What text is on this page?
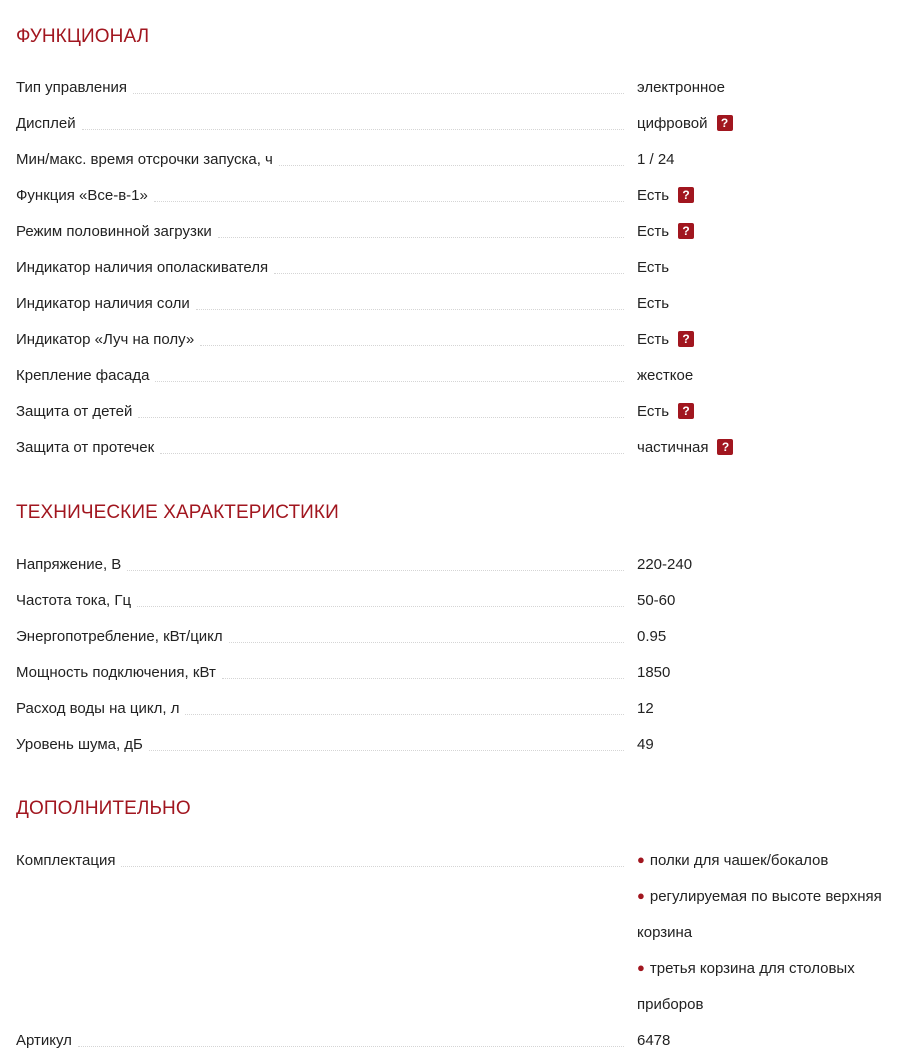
ФУНКЦИОНАЛ
Тип управления	электронное
Дисплей	цифровой	?
Мин/макс. время отсрочки запуска, ч	1 / 24
Функция «Все-в-1»	Есть	?
Режим половинной загрузки	Есть	?
Индикатор наличия ополаскивателя	Есть
Индикатор наличия соли	Есть
Индикатор «Луч на полу»	Есть	?
Крепление фасада	жесткое
Защита от детей	Есть	?
Защита от протечек	частичная	?
ТЕХНИЧЕСКИЕ ХАРАКТЕРИСТИКИ
Напряжение, В	220-240
Частота тока, Гц	50-60
Энергопотребление, кВт/цикл	0.95
Мощность подключения, кВт	1850
Расход воды на цикл, л	12
Уровень шума, дБ	49
ДОПОЛНИТЕЛЬНО
Комплектация	● полки для чашек/бокалов
● регулируемая по высоте верхняя
корзина
● третья корзина для столовых
приборов
Артикул	6478
